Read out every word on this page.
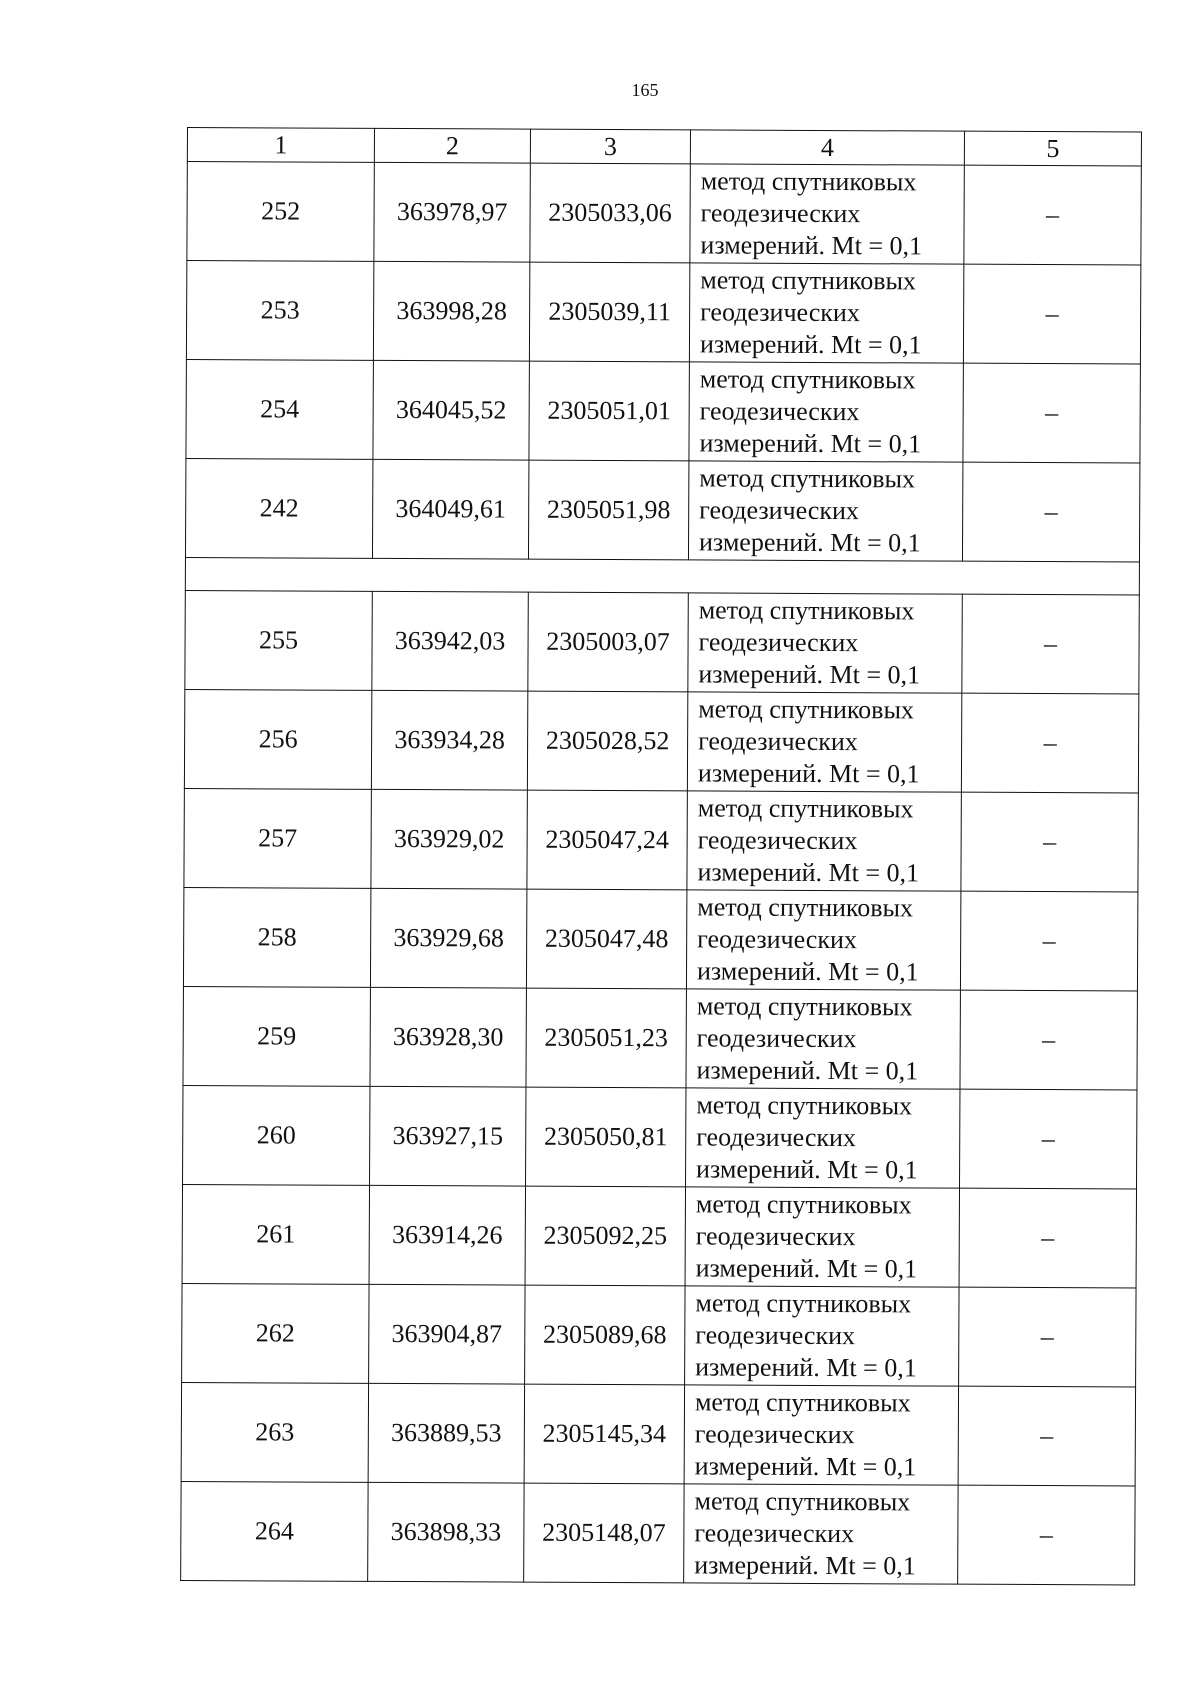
165
1	2	3	4	5
252	363978,97	2305033,06	метод спутниковых
геодезических
измерений. Mt = 0,1	–
253	363998,28	2305039,11	метод спутниковых
геодезических
измерений. Mt = 0,1	–
254	364045,52	2305051,01	метод спутниковых
геодезических
измерений. Mt = 0,1	–
242	364049,61	2305051,98	метод спутниковых
геодезических
измерений. Mt = 0,1	–

255	363942,03	2305003,07	метод спутниковых
геодезических
измерений. Mt = 0,1	–
256	363934,28	2305028,52	метод спутниковых
геодезических
измерений. Mt = 0,1	–
257	363929,02	2305047,24	метод спутниковых
геодезических
измерений. Mt = 0,1	–
258	363929,68	2305047,48	метод спутниковых
геодезических
измерений. Mt = 0,1	–
259	363928,30	2305051,23	метод спутниковых
геодезических
измерений. Mt = 0,1	–
260	363927,15	2305050,81	метод спутниковых
геодезических
измерений. Mt = 0,1	–
261	363914,26	2305092,25	метод спутниковых
геодезических
измерений. Mt = 0,1	–
262	363904,87	2305089,68	метод спутниковых
геодезических
измерений. Mt = 0,1	–
263	363889,53	2305145,34	метод спутниковых
геодезических
измерений. Mt = 0,1	–
264	363898,33	2305148,07	метод спутниковых
геодезических
измерений. Mt = 0,1	–
